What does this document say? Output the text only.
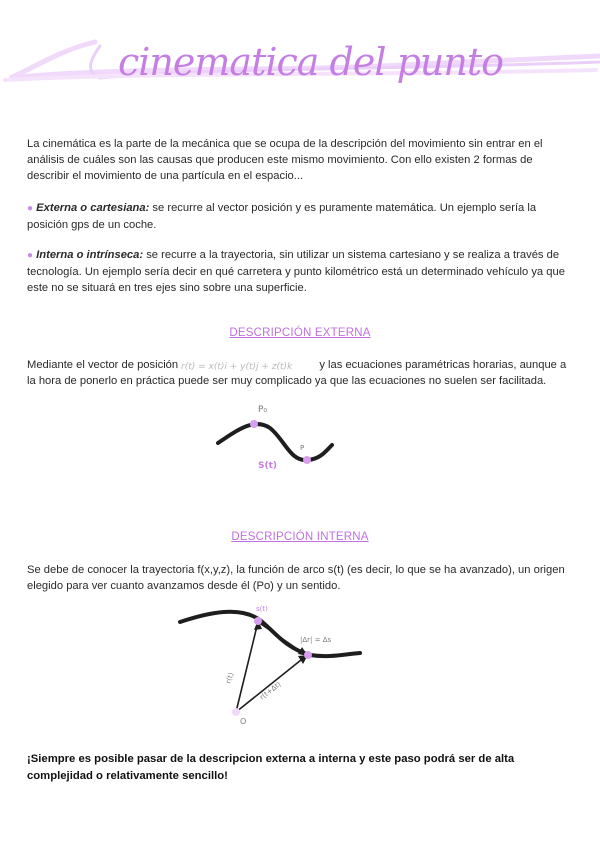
cinematica del punto
La cinemática es la parte de la mecánica que se ocupa de la descripción del movimiento sin entrar en el análisis de cuáles son las causas que producen este mismo movimiento. Con ello existen 2 formas de describir el movimiento de una partícula en el espacio...
● Externa o cartesiana: se recurre al vector posición y es puramente matemática. Un ejemplo sería la posición gps de un coche.
● Interna o intrínseca: se recurre a la trayectoria, sin utilizar un sistema cartesiano y se realiza a través de tecnología. Un ejemplo sería decir en qué carretera y punto kilométrico está un determinado vehículo ya que este no se situará en tres ejes sino sobre una superficie.
DESCRIPCIÓN EXTERNA
Mediante el vector de posición r(t) = x(t)i + y(t)j + z(t)k y las ecuaciones paramétricas horarias, aunque a la hora de ponerlo en práctica puede ser muy complicado ya que las ecuaciones no suelen ser facilitada.
P₀
P
S(t)
DESCRIPCIÓN INTERNA
Se debe de conocer la trayectoria f(x,y,z), la función de arco s(t) (es decir, lo que se ha avanzado), un origen elegido para ver cuanto avanzamos desde él (Po) y un sentido.
s(t)
|Δr| = Δs
r(t)
r(t+Δt)
O
¡Siempre es posible pasar de la descripcion externa a interna y este paso podrá ser de alta complejidad o relativamente sencillo!
